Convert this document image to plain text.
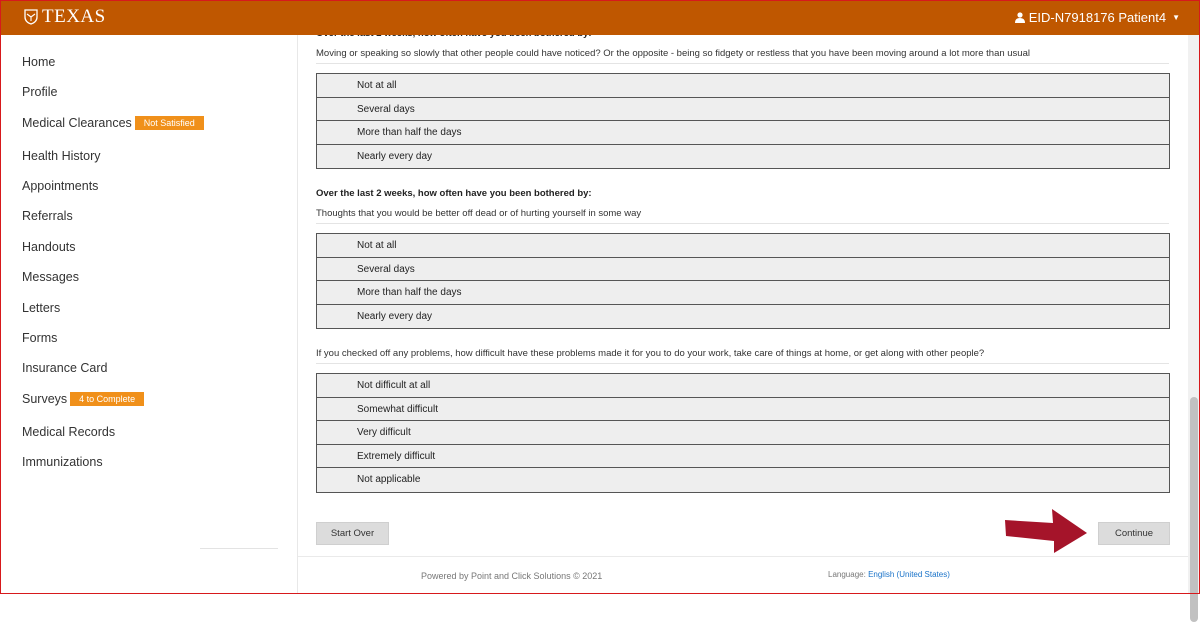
TEXAS	EID-N7918176 Patient4 ▼
Home
Profile
Medical Clearances	Not Satisfied
Health History
Appointments
Referrals
Handouts
Messages
Letters
Forms
Insurance Card
Surveys	4 to Complete
Medical Records
Immunizations
Moving or speaking so slowly that other people could have noticed? Or the opposite - being so fidgety or restless that you have been moving around a lot more than usual
Not at all
Several days
More than half the days
Nearly every day
Over the last 2 weeks, how often have you been bothered by:
Thoughts that you would be better off dead or of hurting yourself in some way
Not at all
Several days
More than half the days
Nearly every day
If you checked off any problems, how difficult have these problems made it for you to do your work, take care of things at home, or get along with other people?
Not difficult at all
Somewhat difficult
Very difficult
Extremely difficult
Not applicable
Start Over	Continue
Powered by Point and Click Solutions © 2021	Language: English (United States)
